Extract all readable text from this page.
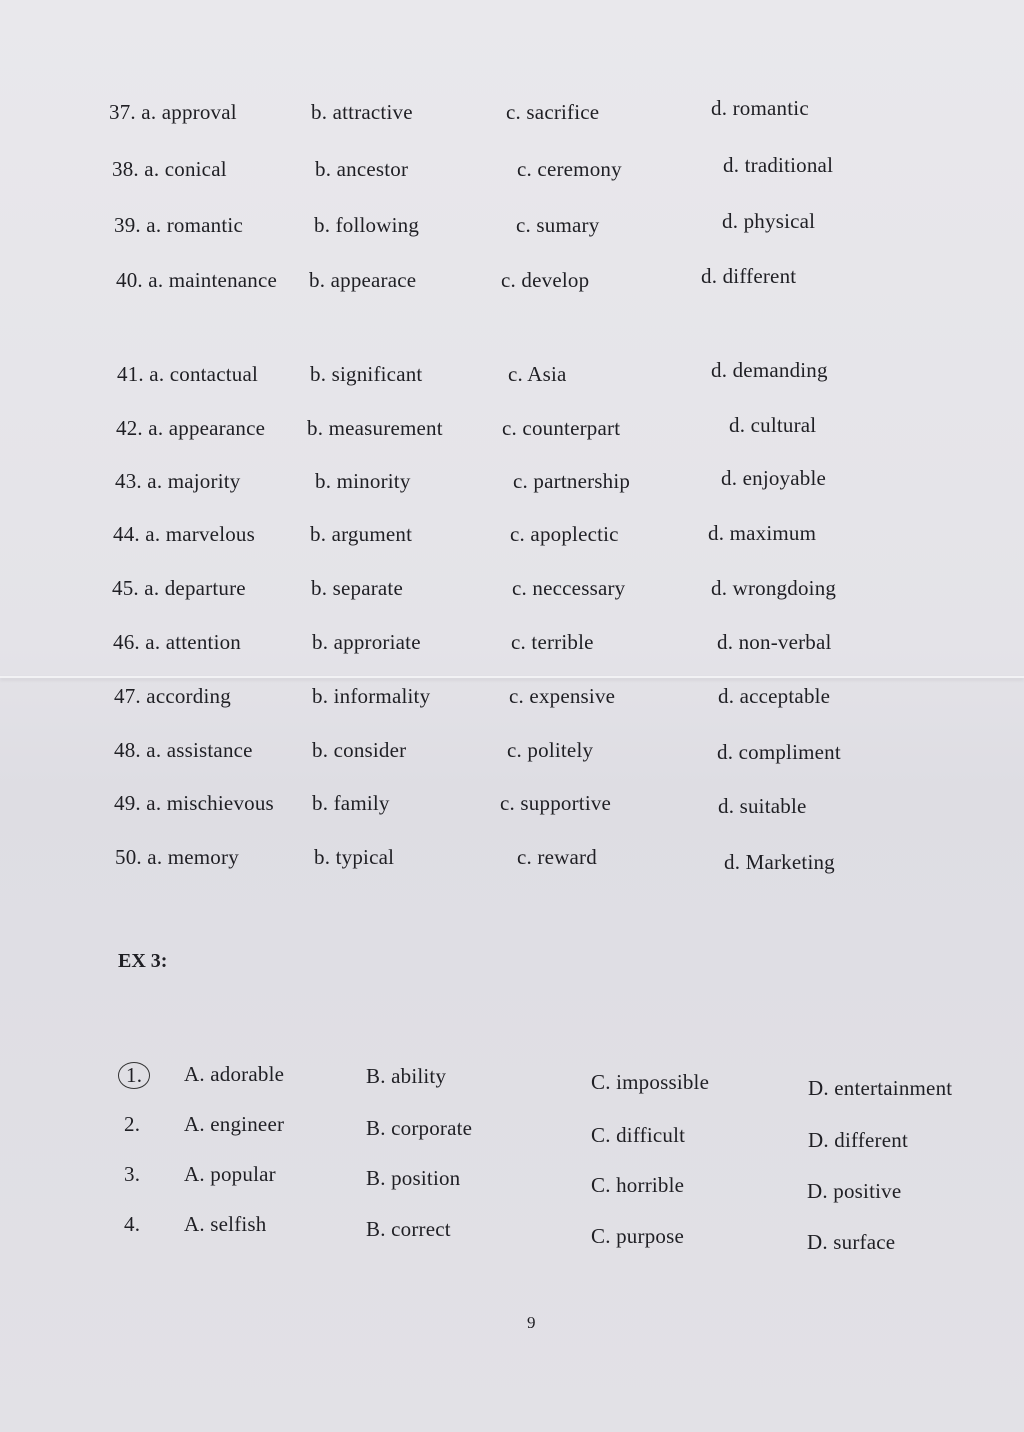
37. a. approval	b. attractive	c. sacrifice	d. romantic
38. a. conical	b. ancestor	c. ceremony	d. traditional
39. a. romantic	b. following	c. sumary	d. physical
40. a. maintenance b. appearace	c. develop	d. different
41. a. contactual b. significant	c. Asia	d. demanding
42. a. appearance b. measurement	c. counterpart	d. cultural
43. a. majority	b. minority	c. partnership	d. enjoyable
44. a. marvelous	b. argument	c. apoplectic	d. maximum
45. a. departure	b. separate	c. neccessary	d. wrongdoing
46. a. attention	b. approriate	c. terrible	d. non-verbal
47. according	b. informality	c. expensive	d. acceptable
48. a. assistance	b. consider	c. politely	d. compliment
49. a. mischievous b. family	c. supportive	d. suitable
50. a. memory	b. typical	c. reward	d. Marketing
EX 3:
1.	A. adorable	B. ability	C. impossible	D. entertainment
2. A. engineer	B. corporate	C. difficult	D. different
3. A. popular	B. position	C. horrible	D. positive
4. A. selfish	B. correct	C. purpose	D. surface
9
